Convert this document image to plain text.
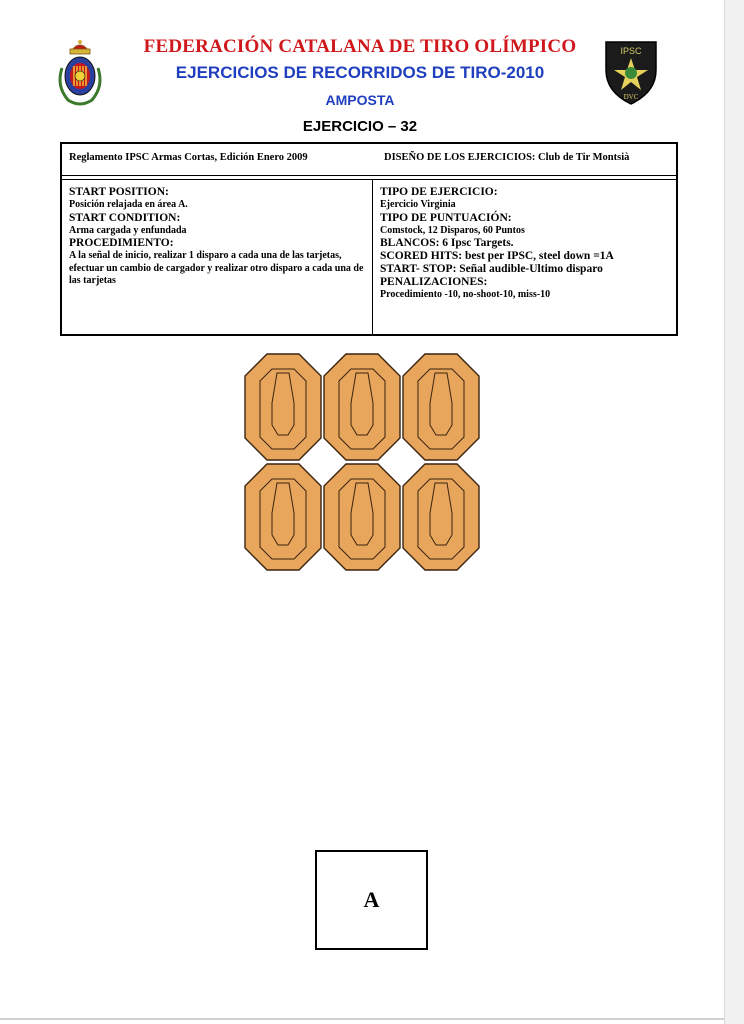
IPSC
DVC
FEDERACIÓN CATALANA DE TIRO OLÍMPICO
EJERCICIOS DE RECORRIDOS DE TIRO-2010
AMPOSTA
EJERCICIO – 32
Reglamento IPSC Armas Cortas, Edición Enero 2009	DISEÑO DE LOS EJERCICIOS: Club de Tir Montsià
START POSITION:
Posición relajada en área A.
START CONDITION:
Arma cargada y enfundada
PROCEDIMIENTO:
A la señal de inicio, realizar 1 disparo a cada una de las tarjetas, efectuar un cambio de cargador y realizar otro disparo a cada una de las tarjetas
TIPO DE EJERCICIO:
Ejercicio Virginia
TIPO DE PUNTUACIÓN:
Comstock, 12 Disparos, 60 Puntos
BLANCOS: 6 Ipsc Targets.
SCORED HITS: best per IPSC, steel down =1A
START- STOP: Señal audible-Ultimo disparo
PENALIZACIONES:
Procedimiento -10, no-shoot-10, miss-10
A
